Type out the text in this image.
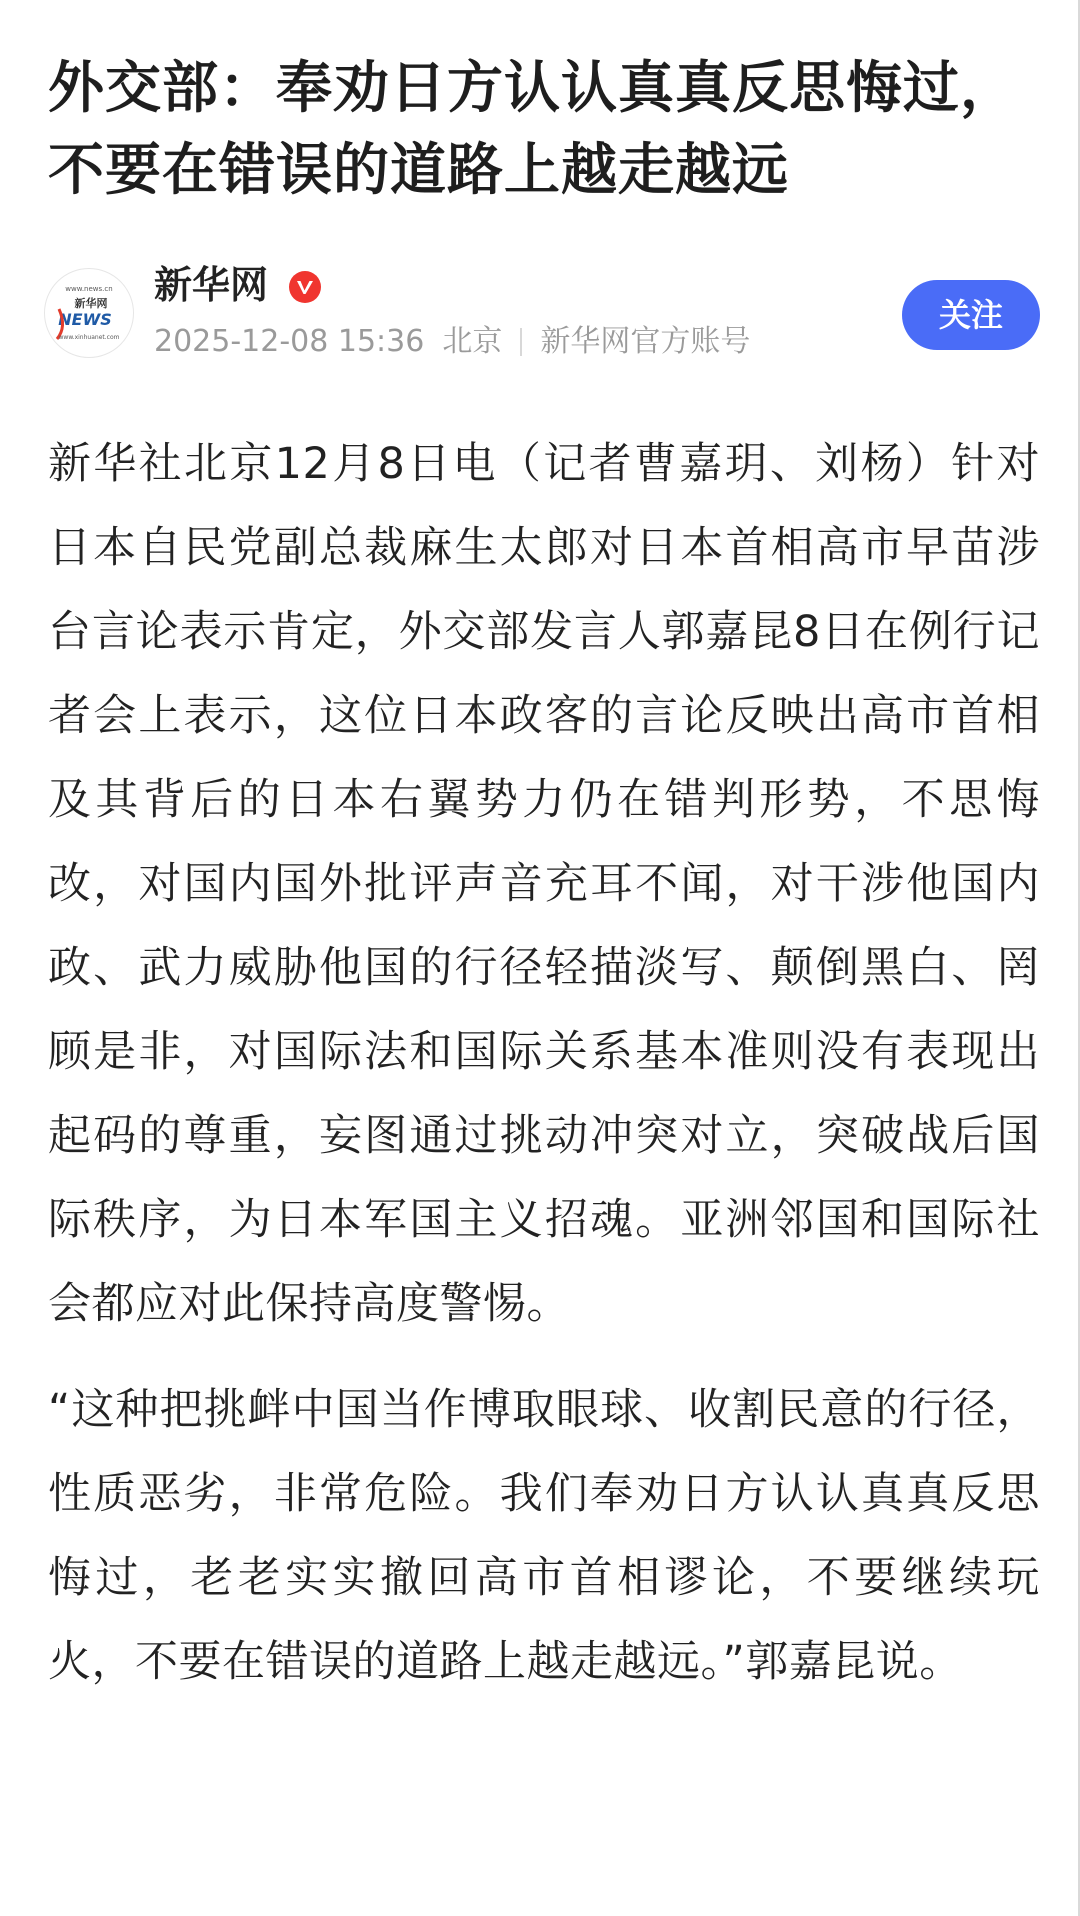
外交部：奉劝日方认认真真反思悔过，不要在错误的道路上越走越远
www.news.cn
新华网
NEWS
www.xinhuanet.com
新华网
2025-12-08 15:36 北京 新华网官方账号
关注

新华社北京12月8日电（记者曹嘉玥、刘杨）针对日本自民党副总裁麻生太郎对日本首相高市早苗涉台言论表示肯定，外交部发言人郭嘉昆8日在例行记者会上表示，这位日本政客的言论反映出高市首相及其背后的日本右翼势力仍在错判形势，不思悔改，对国内国外批评声音充耳不闻，对干涉他国内政、武力威胁他国的行径轻描淡写、颠倒黑白、罔顾是非，对国际法和国际关系基本准则没有表现出起码的尊重，妄图通过挑动冲突对立，突破战后国际秩序，为日本军国主义招魂。亚洲邻国和国际社会都应对此保持高度警惕。

“这种把挑衅中国当作博取眼球、收割民意的行径，性质恶劣，非常危险。我们奉劝日方认认真真反思悔过，老老实实撤回高市首相谬论，不要继续玩火，不要在错误的道路上越走越远。”郭嘉昆说。
